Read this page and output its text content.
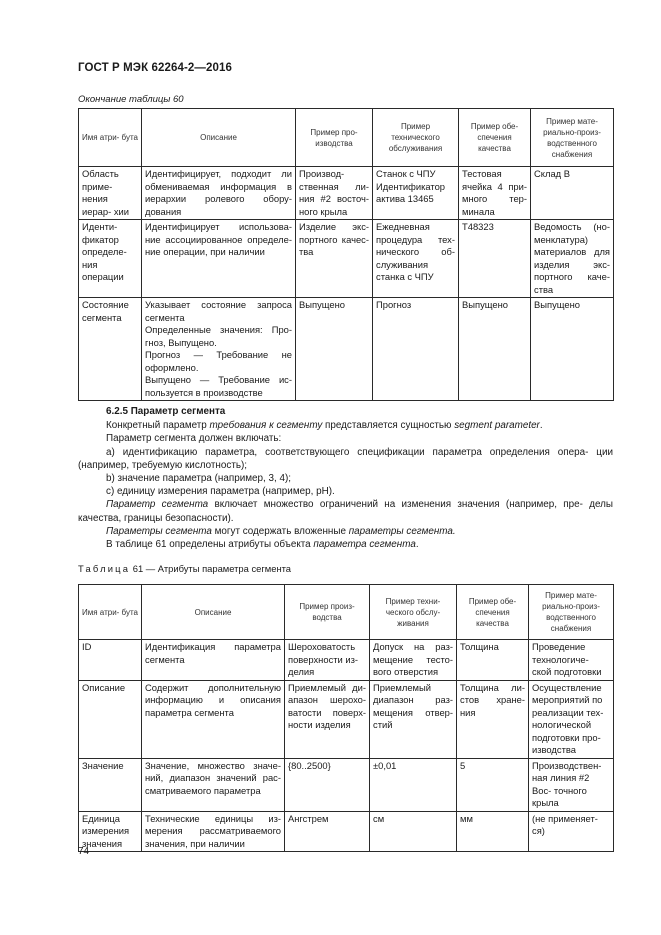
ГОСТ Р МЭК 62264-2—2016
Окончание таблицы 60
Имя атри- бута	Описание	Пример про- изводства	Пример технического обслуживания	Пример обе- спечения качества	Пример мате- риально-произ- водственного снабжения
Область приме- нения иерар- хии	Идентифицирует, подходит ли обмениваемая информация в иерархии ролевого обору- дования	Производ- ственная ли- ния #2 восточ- ного крыла	Станок с ЧПУ Идентификатор актива 13465	Тестовая ячейка 4 при- много тер- минала	Склад B
Иденти- фикатор определе- ния операции	Идентифицирует использова- ние ассоциированное определе- ние операции, при наличии	Изделие экс- портного качес- тва	Ежедневная процедура тех- нического об- служивания станка с ЧПУ	T48323	Ведомость (но- менклатура) материалов для изделия экс- портного каче- ства
Состояние сегмента	Указывает состояние запроса сегмента
Определенные значения: Про- гноз, Выпущено.
Прогноз — Требование не оформлено.
Выпущено — Требование ис- пользуется в производстве	Выпущено	Прогноз	Выпущено	Выпущено

6.2.5 Параметр сегмента

Конкретный параметр требования к сегменту представляется сущностью segment parameter.

Параметр сегмента должен включать:

а) идентификацию параметра, соответствующего спецификации параметра определения опера- ции (например, требуемую кислотность);

b) значение параметра (например, 3, 4);

с) единицу измерения параметра (например, pH).

Параметр сегмента включает множество ограничений на изменения значения (например, пре- делы качества, границы безопасности).

Параметры сегмента могут содержать вложенные параметры сегмента.

В таблице 61 определены атрибуты объекта параметра сегмента.

Таблица 61 — Атрибуты параметра сегмента
Имя атри- бута	Описание	Пример произ- водства	Пример техни- ческого обслу- живания	Пример обе- спечения качества	Пример мате- риально-произ- водственного снабжения
ID	Идентификация параметра сегмента	Шероховатость поверхности из- делия	Допуск на раз- мещение тесто- вого отверстия	Толщина	Проведение технологиче- ской подготовки
Описание	Содержит дополнительную информацию и описания параметра сегмента	Приемлемый ди- апазон шерохо- ватости поверх- ности изделия	Приемлемый диапазон раз- мещения отвер- стий	Толщина ли- стов хране- ния	Осуществление мероприятий по реализации тех- нологической подготовки про- изводства
Значение	Значение, множество значе- ний, диапазон значений рас- сматриваемого параметра	{80..2500}	±0,01	5	Производствен- ная линия #2 Вос- точного крыла
Единица измерения значения	Технические единицы из- мерения рассматриваемого значения, при наличии	Ангстрем	см	мм	(не применяет- ся)
74
